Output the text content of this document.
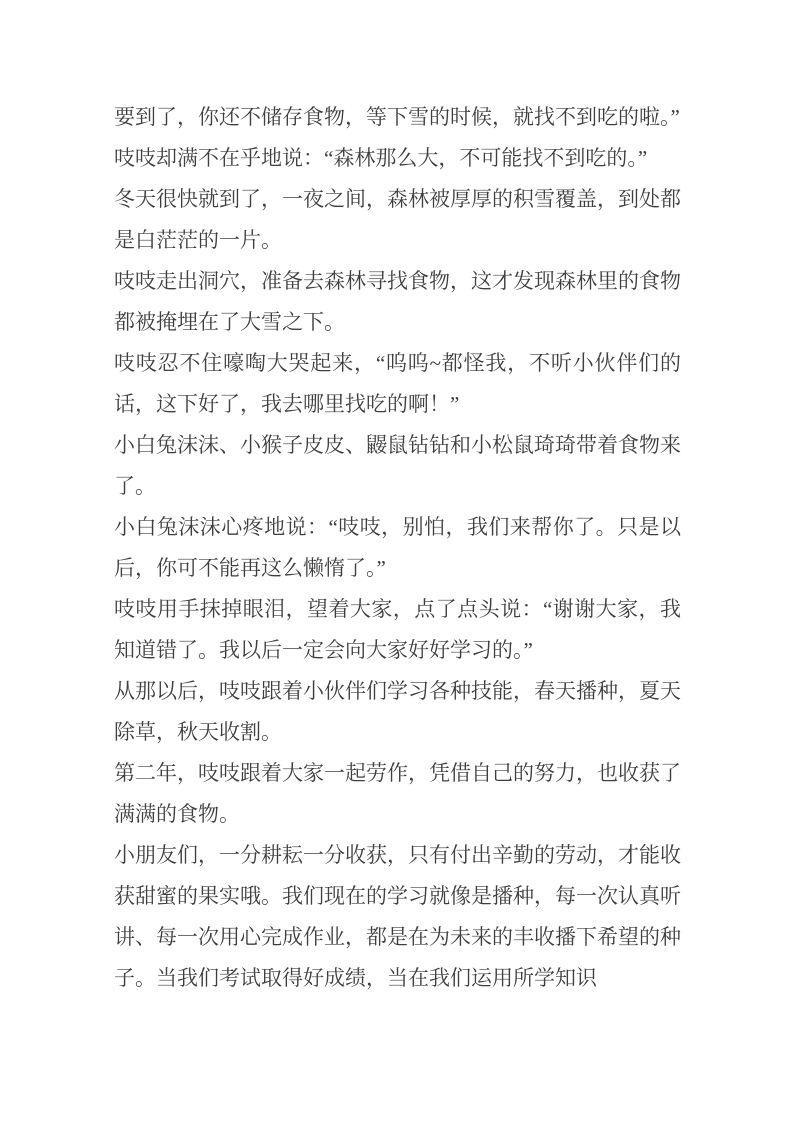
要到了，你还不储存食物，等下雪的时候，就找不到吃的啦。”

吱吱却满不在乎地说：“森林那么大，不可能找不到吃的。”

冬天很快就到了，一夜之间，森林被厚厚的积雪覆盖，到处都是白茫茫的一片。

吱吱走出洞穴，准备去森林寻找食物，这才发现森林里的食物都被掩埋在了大雪之下。

吱吱忍不住嚎啕大哭起来，“呜呜~都怪我，不听小伙伴们的话，这下好了，我去哪里找吃的啊！”

小白兔沫沫、小猴子皮皮、鼹鼠钻钻和小松鼠琦琦带着食物来了。

小白兔沫沫心疼地说：“吱吱，别怕，我们来帮你了。只是以后，你可不能再这么懒惰了。”

吱吱用手抹掉眼泪，望着大家，点了点头说：“谢谢大家，我知道错了。我以后一定会向大家好好学习的。”

从那以后，吱吱跟着小伙伴们学习各种技能，春天播种，夏天除草，秋天收割。

第二年，吱吱跟着大家一起劳作，凭借自己的努力，也收获了满满的食物。

小朋友们，一分耕耘一分收获，只有付出辛勤的劳动，才能收获甜蜜的果实哦。我们现在的学习就像是播种，每一次认真听讲、每一次用心完成作业，都是在为未来的丰收播下希望的种子。当我们考试取得好成绩，当在我们运用所学知识
